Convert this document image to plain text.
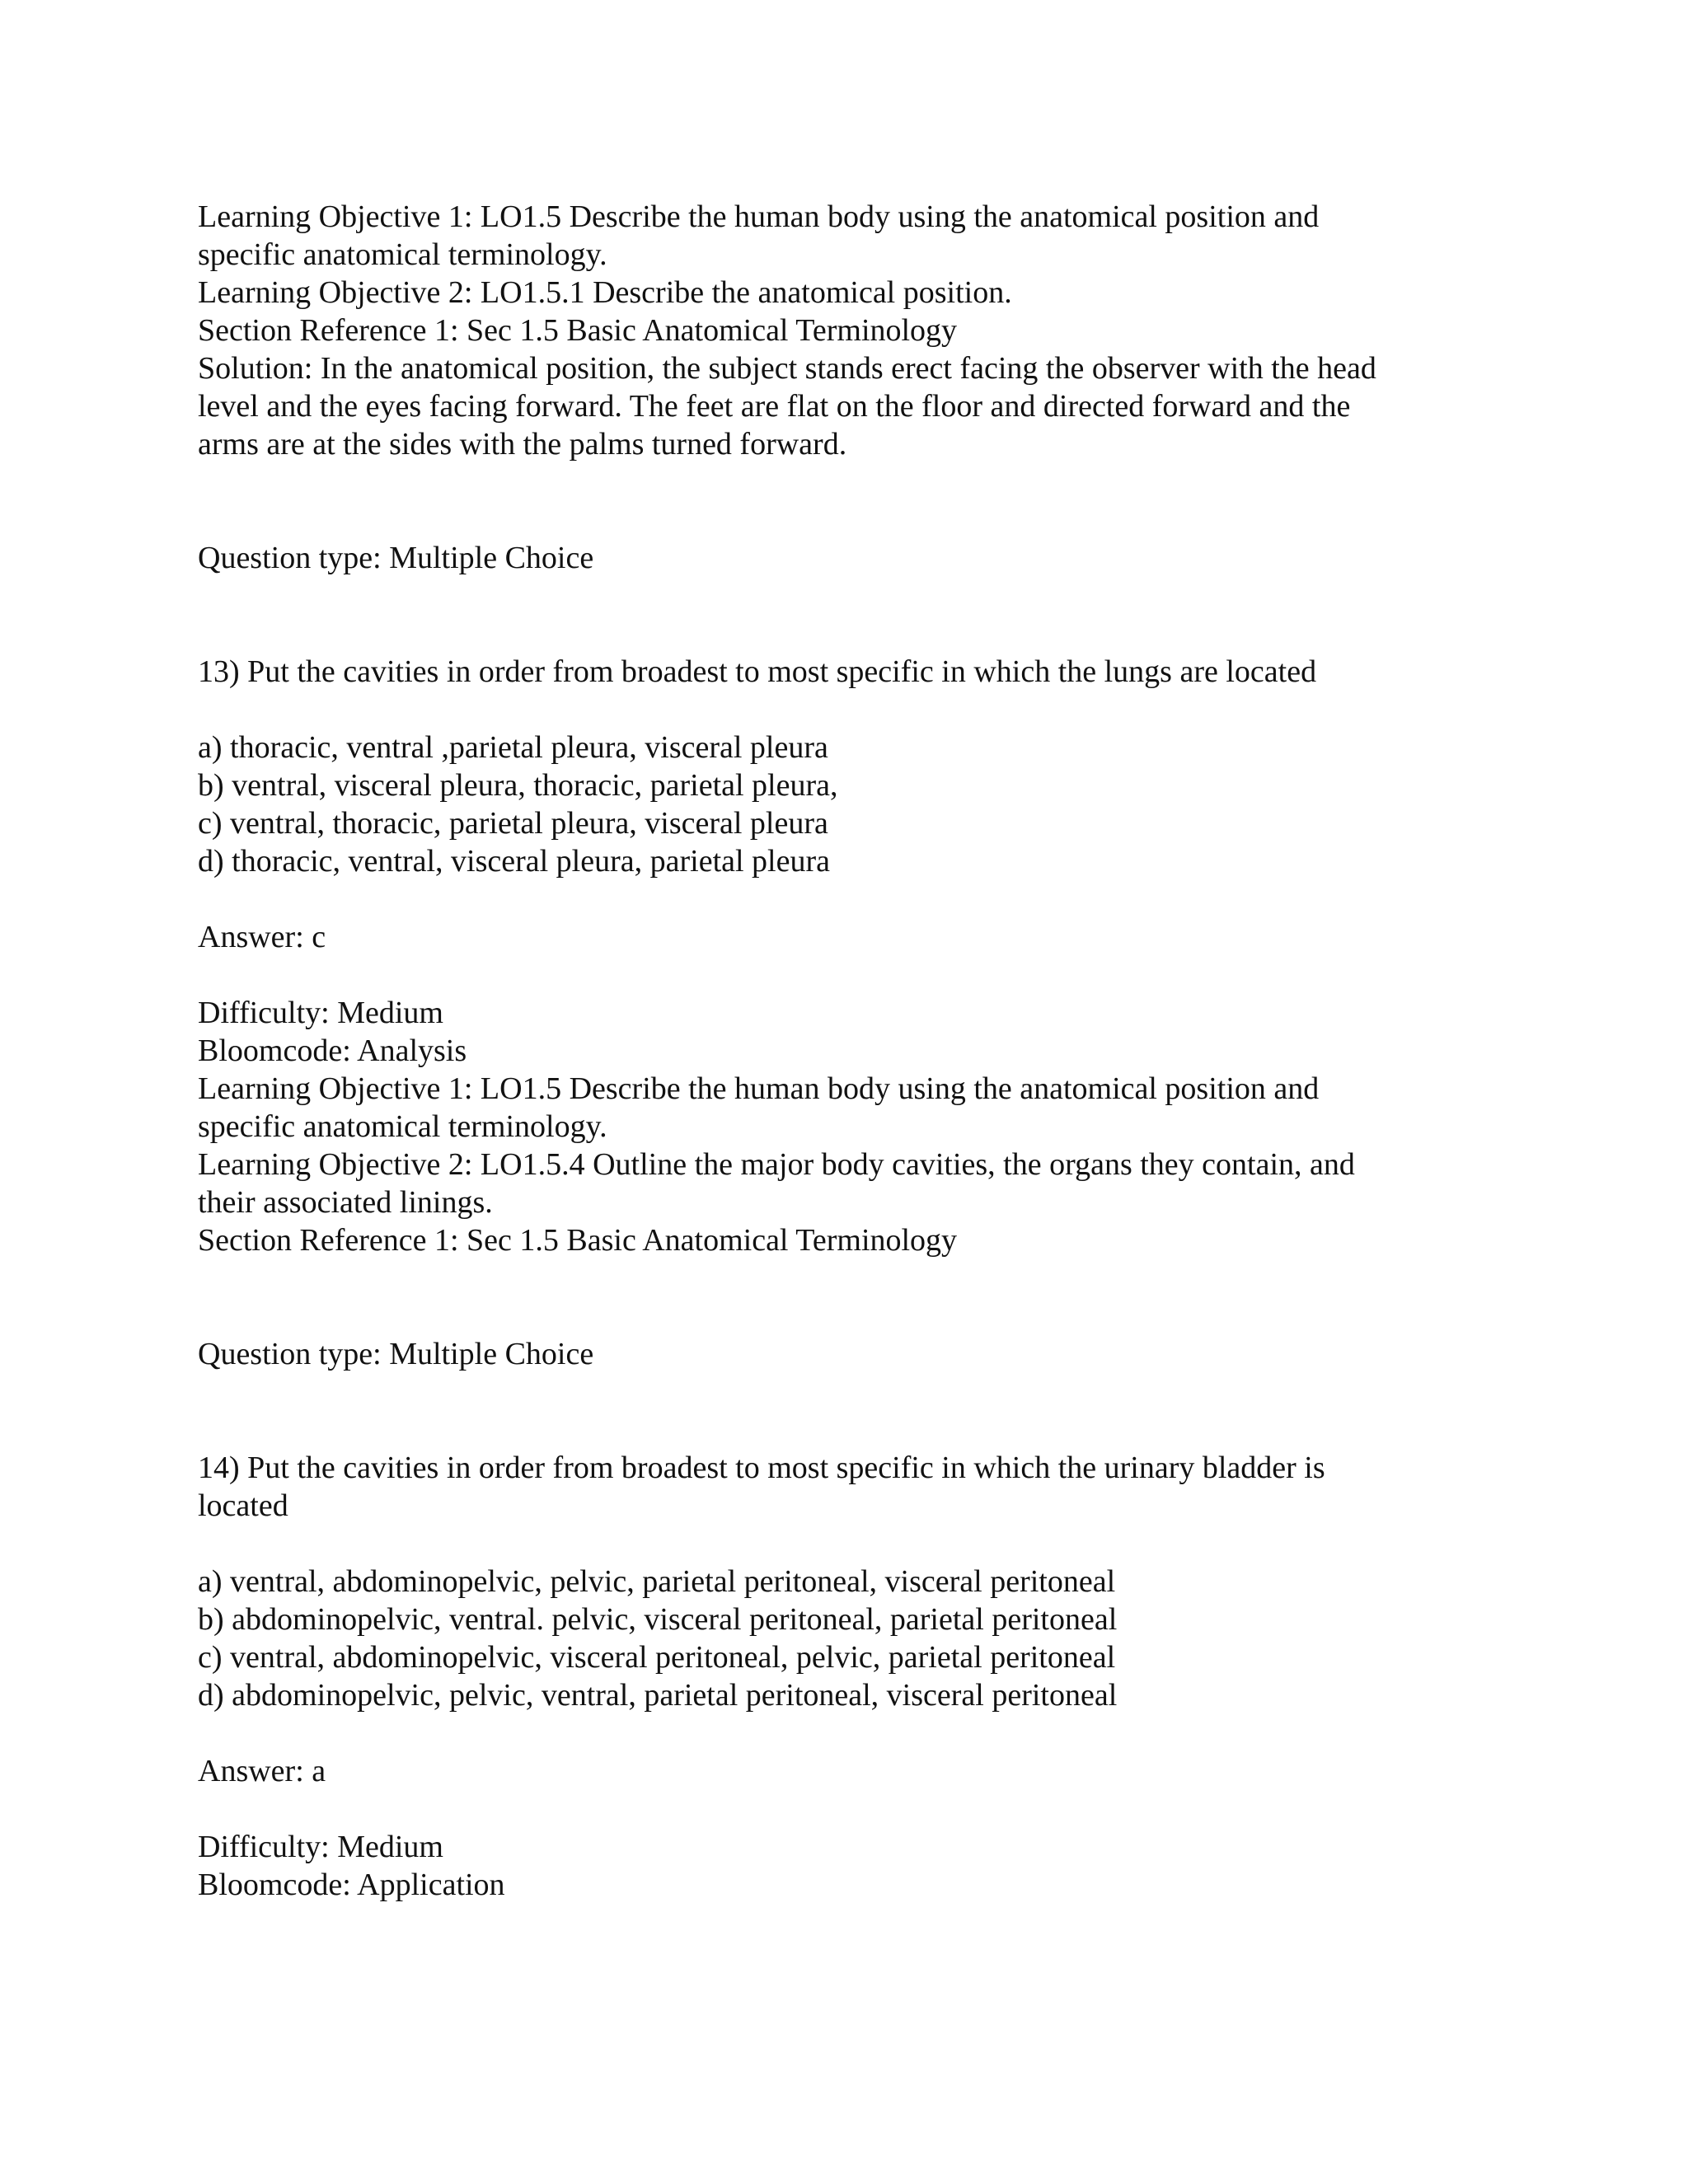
Learning Objective 1: LO1.5 Describe the human body using the anatomical position and
specific anatomical terminology.
Learning Objective 2: LO1.5.1 Describe the anatomical position.
Section Reference 1: Sec 1.5 Basic Anatomical Terminology
Solution: In the anatomical position, the subject stands erect facing the observer with the head
level and the eyes facing forward. The feet are flat on the floor and directed forward and the
arms are at the sides with the palms turned forward.
Question type: Multiple Choice
13) Put the cavities in order from broadest to most specific in which the lungs are located
a) thoracic, ventral ,parietal pleura, visceral pleura
b) ventral, visceral pleura, thoracic, parietal pleura,
c) ventral, thoracic, parietal pleura, visceral pleura
d) thoracic, ventral, visceral pleura, parietal pleura
Answer: c
Difficulty: Medium
Bloomcode: Analysis
Learning Objective 1: LO1.5 Describe the human body using the anatomical position and
specific anatomical terminology.
Learning Objective 2: LO1.5.4 Outline the major body cavities, the organs they contain, and
their associated linings.
Section Reference 1: Sec 1.5 Basic Anatomical Terminology
Question type: Multiple Choice
14) Put the cavities in order from broadest to most specific in which the urinary bladder is
located
a) ventral, abdominopelvic, pelvic, parietal peritoneal, visceral peritoneal
b) abdominopelvic, ventral. pelvic, visceral peritoneal, parietal peritoneal
c) ventral, abdominopelvic, visceral peritoneal, pelvic, parietal peritoneal
d) abdominopelvic, pelvic, ventral, parietal peritoneal, visceral peritoneal
Answer: a
Difficulty: Medium
Bloomcode: Application
